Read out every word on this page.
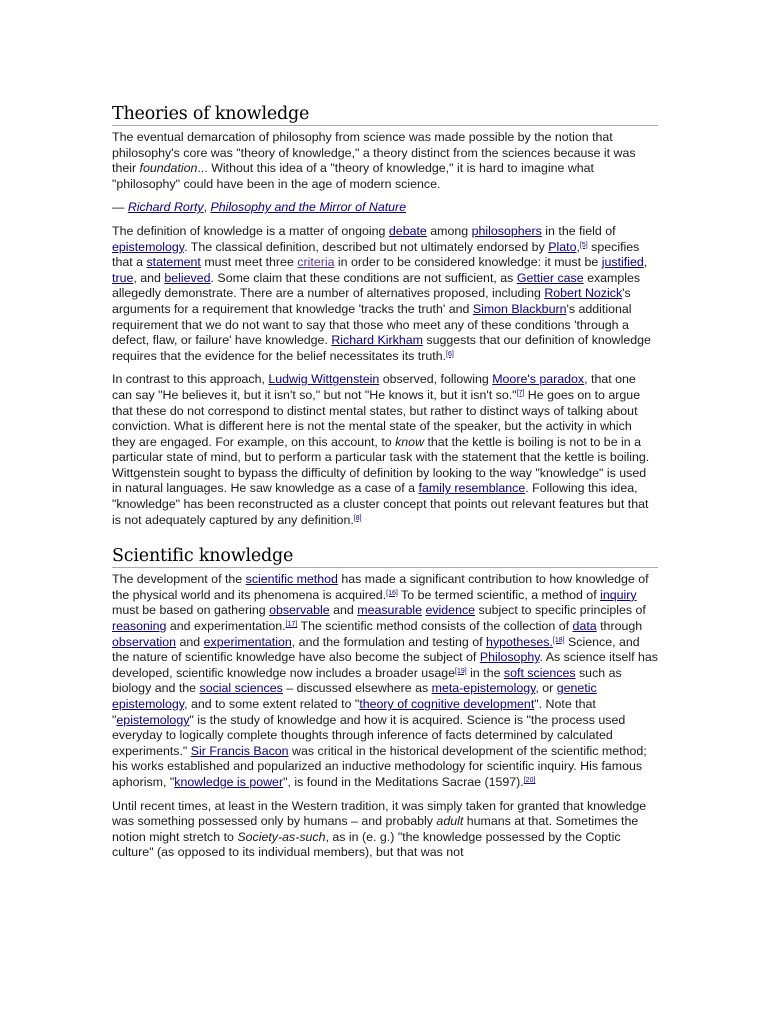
Theories of knowledge

The eventual demarcation of philosophy from science was made possible by the notion that philosophy's core was "theory of knowledge," a theory distinct from the sciences because it was their foundation... Without this idea of a "theory of knowledge," it is hard to imagine what "philosophy" could have been in the age of modern science.

— Richard Rorty, Philosophy and the Mirror of Nature

The definition of knowledge is a matter of ongoing debate among philosophers in the field of epistemology. The classical definition, described but not ultimately endorsed by Plato,[5] specifies that a statement must meet three criteria in order to be considered knowledge: it must be justified, true, and believed. Some claim that these conditions are not sufficient, as Gettier case examples allegedly demonstrate. There are a number of alternatives proposed, including Robert Nozick's arguments for a requirement that knowledge 'tracks the truth' and Simon Blackburn's additional requirement that we do not want to say that those who meet any of these conditions 'through a defect, flaw, or failure' have knowledge. Richard Kirkham suggests that our definition of knowledge requires that the evidence for the belief necessitates its truth.[6]

In contrast to this approach, Ludwig Wittgenstein observed, following Moore's paradox, that one can say "He believes it, but it isn't so," but not "He knows it, but it isn't so."[7] He goes on to argue that these do not correspond to distinct mental states, but rather to distinct ways of talking about conviction. What is different here is not the mental state of the speaker, but the activity in which they are engaged. For example, on this account, to know that the kettle is boiling is not to be in a particular state of mind, but to perform a particular task with the statement that the kettle is boiling. Wittgenstein sought to bypass the difficulty of definition by looking to the way "knowledge" is used in natural languages. He saw knowledge as a case of a family resemblance. Following this idea, "knowledge" has been reconstructed as a cluster concept that points out relevant features but that is not adequately captured by any definition.[8]

Scientific knowledge

The development of the scientific method has made a significant contribution to how knowledge of the physical world and its phenomena is acquired.[16] To be termed scientific, a method of inquiry must be based on gathering observable and measurable evidence subject to specific principles of reasoning and experimentation.[17] The scientific method consists of the collection of data through observation and experimentation, and the formulation and testing of hypotheses.[18] Science, and the nature of scientific knowledge have also become the subject of Philosophy. As science itself has developed, scientific knowledge now includes a broader usage[19] in the soft sciences such as biology and the social sciences – discussed elsewhere as meta-epistemology, or genetic epistemology, and to some extent related to "theory of cognitive development". Note that "epistemology" is the study of knowledge and how it is acquired. Science is "the process used everyday to logically complete thoughts through inference of facts determined by calculated experiments." Sir Francis Bacon was critical in the historical development of the scientific method; his works established and popularized an inductive methodology for scientific inquiry. His famous aphorism, "knowledge is power", is found in the Meditations Sacrae (1597).[20]

Until recent times, at least in the Western tradition, it was simply taken for granted that knowledge was something possessed only by humans – and probably adult humans at that. Sometimes the notion might stretch to Society-as-such, as in (e. g.) "the knowledge possessed by the Coptic culture" (as opposed to its individual members), but that was not
